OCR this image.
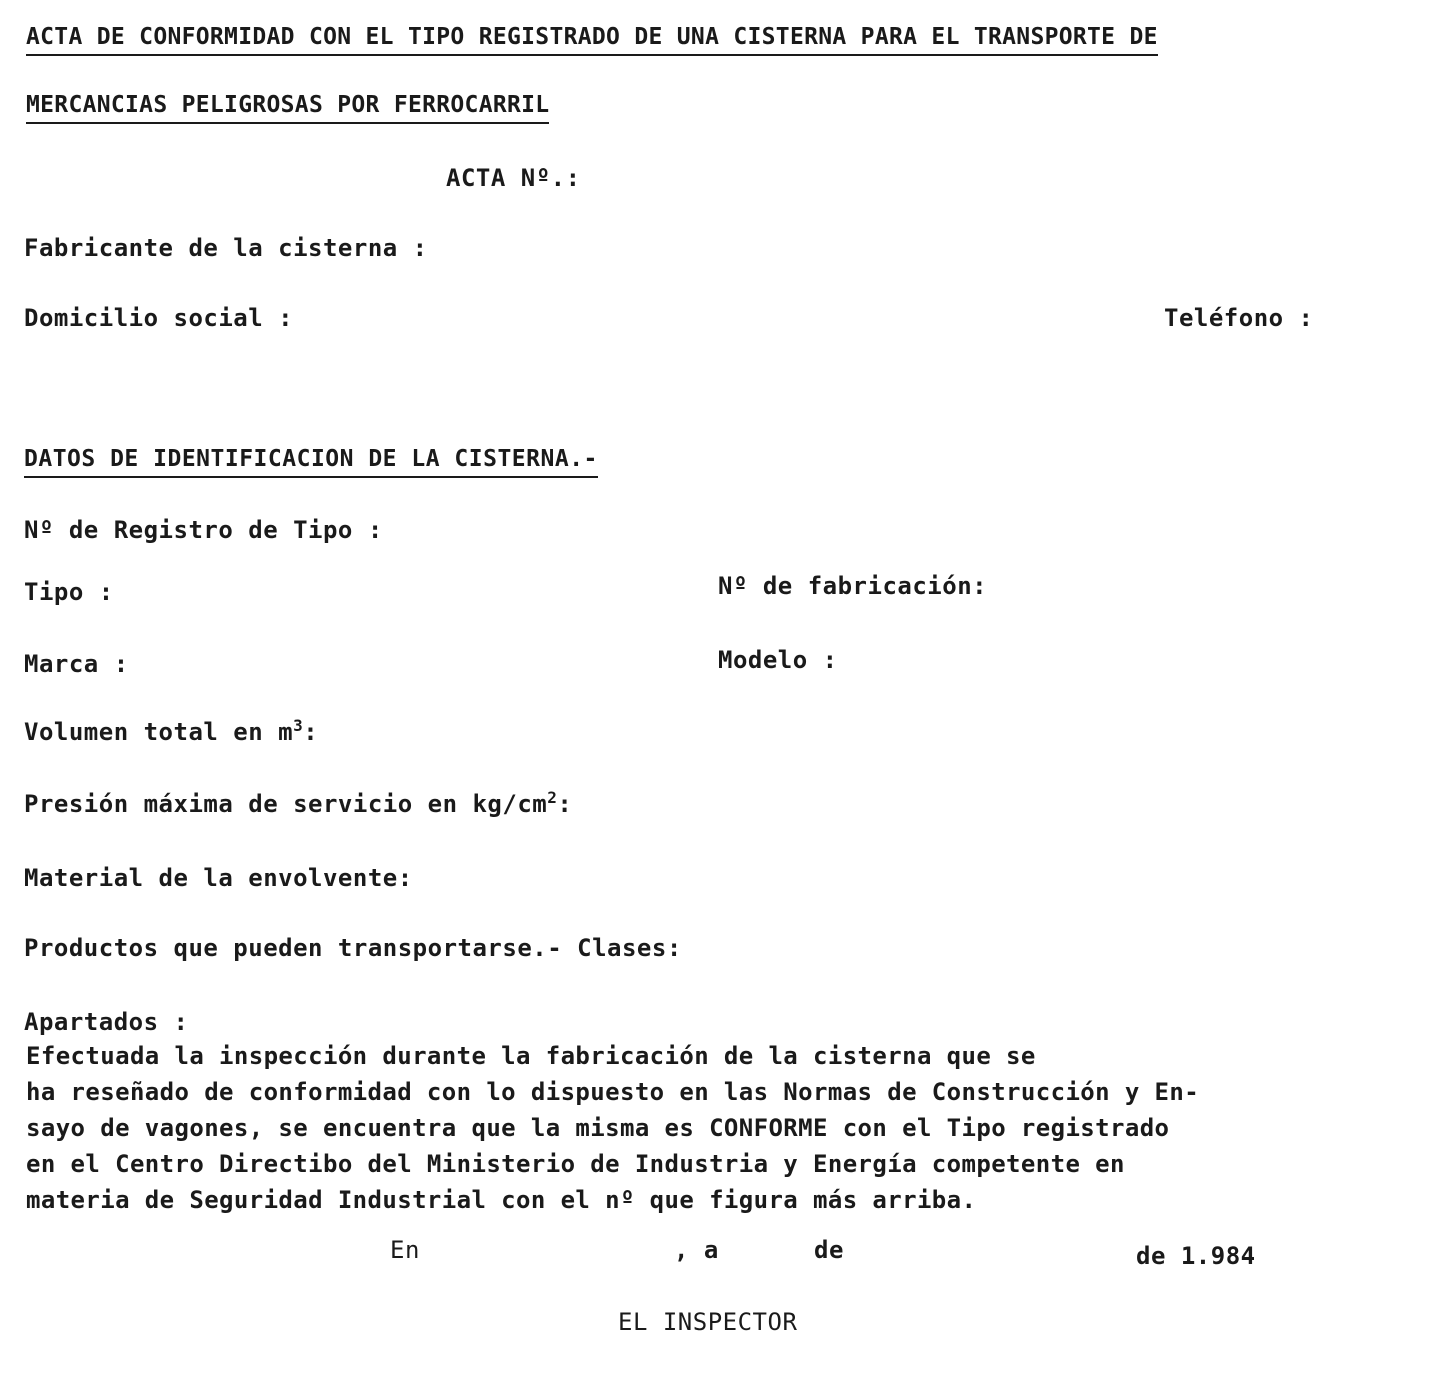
ACTA DE CONFORMIDAD CON EL TIPO REGISTRADO DE UNA CISTERNA PARA EL TRANSPORTE DE
MERCANCIAS PELIGROSAS POR FERROCARRIL
ACTA Nº.:
Fabricante de la cisterna :
Domicilio social :	Teléfono :
DATOS DE IDENTIFICACION DE LA CISTERNA.-
Nº de Registro de Tipo :
Tipo :	Nº de fabricación:
Marca :	Modelo :
Volumen total en $m^3$:
Presión máxima de servicio en $kg/cm^2$:
Material de la envolvente:
Productos que pueden transportarse.- Clases:
Apartados :
Efectuada la inspección durante la fabricación de la cisterna que se
ha reseñado de conformidad con lo dispuesto en las Normas de Construcción y En-
sayo de vagones, se encuentra que la misma es CONFORME con el Tipo registrado
en el Centro Directibo del Ministerio de Industria y Energía competente en
materia de Seguridad Industrial con el nº que figura más arriba.
En	, a	de	de 1.984
EL INSPECTOR
